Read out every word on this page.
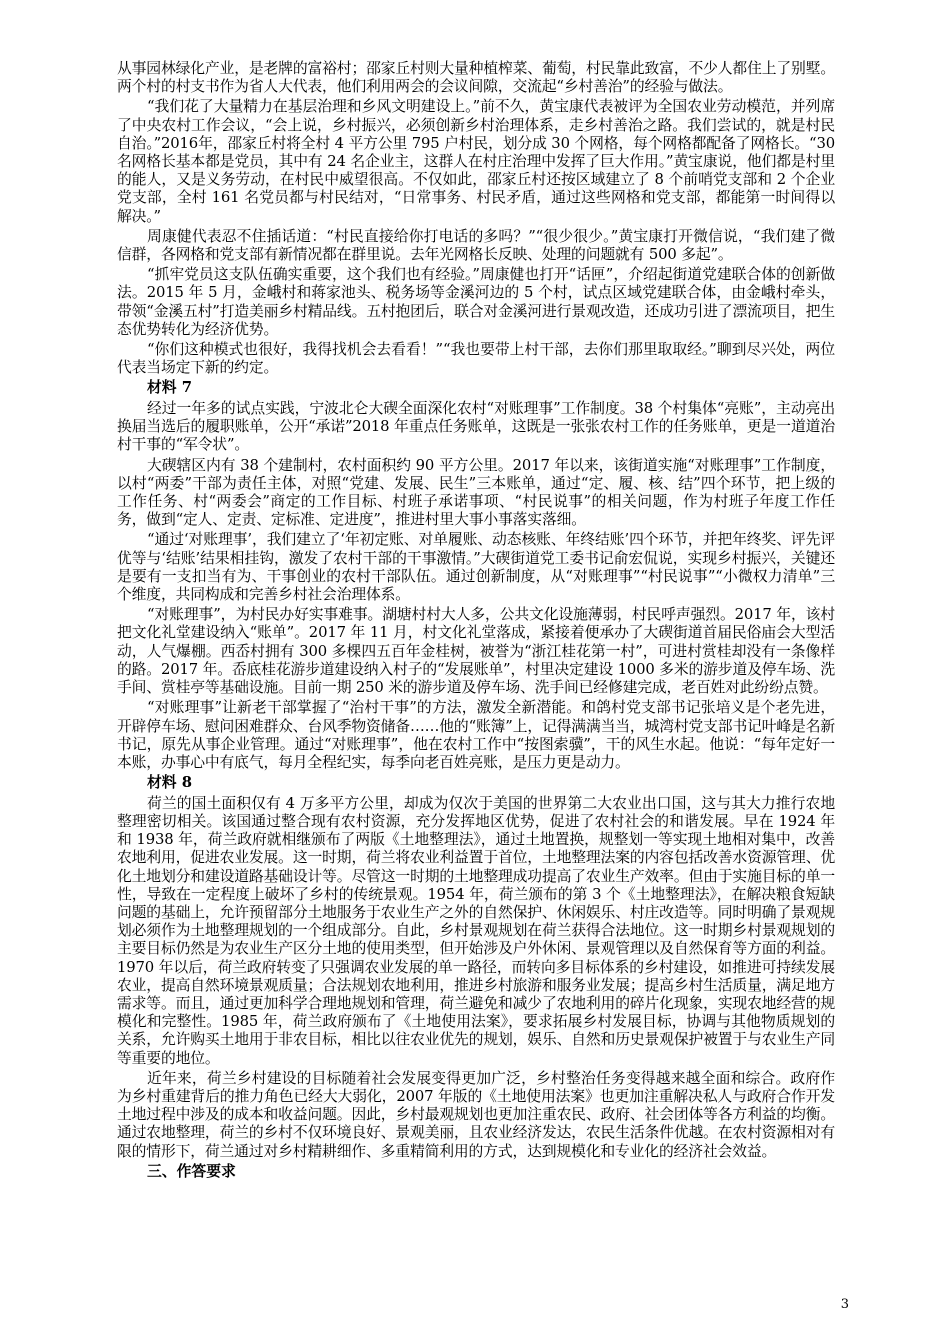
从事园林绿化产业，是老牌的富裕村；邵家丘村则大量种植榨菜、葡萄，村民靠此致富，不少人都住上了别墅。两个村的村支书作为省人大代表，他们利用两会的会议间隙，交流起“乡村善治”的经验与做法。

“我们花了大量精力在基层治理和乡风文明建设上。”前不久，黄宝康代表被评为全国农业劳动模范，并列席了中央农村工作会议，“会上说，乡村振兴，必须创新乡村治理体系，走乡村善治之路。我们尝试的，就是村民自治。”2016年，邵家丘村将全村 4 平方公里 795 户村民，划分成 30 个网格，每个网格都配备了网格长。“30 名网格长基本都是党员，其中有 24 名企业主，这群人在村庄治理中发挥了巨大作用。”黄宝康说，他们都是村里的能人，又是义务劳动，在村民中威望很高。不仅如此，邵家丘村还按区域建立了 8 个前哨党支部和 2 个企业党支部，全村 161 名党员都与村民结对，“日常事务、村民矛盾，通过这些网格和党支部，都能第一时间得以解决。”

周康健代表忍不住插话道：“村民直接给你打电话的多吗？”“很少很少。”黄宝康打开微信说，“我们建了微信群，各网格和党支部有新情况都在群里说。去年光网格长反映、处理的问题就有 500 多起”。

“抓牢党员这支队伍确实重要，这个我们也有经验。”周康健也打开“话匣”，介绍起街道党建联合体的创新做法。2015 年 5 月，金峨村和蒋家池头、税务场等金溪河边的 5 个村，试点区域党建联合体，由金峨村牵头，带领“金溪五村”打造美丽乡村精品线。五村抱团后，联合对金溪河进行景观改造，还成功引进了漂流项目，把生态优势转化为经济优势。

“你们这种模式也很好，我得找机会去看看！”“我也要带上村干部，去你们那里取取经。”聊到尽兴处，两位代表当场定下新的约定。

材料 7

经过一年多的试点实践，宁波北仑大碶全面深化农村“对账理事”工作制度。38 个村集体“亮账”，主动亮出换届当选后的履职账单，公开“承诺”2018 年重点任务账单，这既是一张张农村工作的任务账单，更是一道道治村干事的“军令状”。

大碶辖区内有 38 个建制村，农村面积约 90 平方公里。2017 年以来，该街道实施“对账理事”工作制度，以村“两委”干部为责任主体，对照“党建、发展、民生”三本账单，通过“定、履、核、结”四个环节，把上级的工作任务、村“两委会”商定的工作目标、村班子承诺事项、“村民说事”的相关问题，作为村班子年度工作任务，做到“定人、定责、定标准、定进度”，推进村里大事小事落实落细。

“通过‘对账理事’，我们建立了‘年初定账、对单履账、动态核账、年终结账’四个环节，并把年终奖、评先评优等与‘结账’结果相挂钩，激发了农村干部的干事激情。”大碶街道党工委书记俞宏侃说，实现乡村振兴，关键还是要有一支扣当有为、干事创业的农村干部队伍。通过创新制度，从“对账理事”“村民说事”“小微权力清单”三个维度，共同构成和完善乡村社会治理体系。

“对账理事”，为村民办好实事难事。湖塘村村大人多，公共文化设施薄弱，村民呼声强烈。2017 年，该村把文化礼堂建设纳入“账单”。2017 年 11 月，村文化礼堂落成，紧接着便承办了大碶街道首届民俗庙会大型活动，人气爆棚。西岙村拥有 300 多棵四五百年金桂树，被誉为“浙江桂花第一村”，可进村赏桂却没有一条像样的路。2017 年。岙底桂花游步道建设纳入村子的“发展账单”，村里决定建设 1000 多米的游步道及停车场、洗手间、赏桂亭等基础设施。目前一期 250 米的游步道及停车场、洗手间已经修建完成，老百姓对此纷纷点赞。

“对账理事”让新老干部掌握了“治村干事”的方法，激发全新潜能。和鸽村党支部书记张培义是个老先进，开辟停车场、慰问困难群众、台风季物资储备……他的“账簿”上，记得满满当当，城湾村党支部书记叶峰是名新书记，原先从事企业管理。通过“对账理事”，他在农村工作中“按图索骥”，干的风生水起。他说：“每年定好一本账，办事心中有底气，每月全程纪实，每季向老百姓亮账，是压力更是动力。

材料 8

荷兰的国土面积仅有 4 万多平方公里，却成为仅次于美国的世界第二大农业出口国，这与其大力推行农地整理密切相关。该国通过整合现有农村资源，充分发挥地区优势，促进了农村社会的和谐发展。早在 1924 年和 1938 年，荷兰政府就相继颁布了两版《土地整理法》，通过土地置换，规整划一等实现土地相对集中，改善农地利用，促进农业发展。这一时期，荷兰将农业利益置于首位，土地整理法案的内容包括改善水资源管理、优化土地划分和建设道路基础设计等。尽管这一时期的土地整理成功提高了农业生产效率。但由于实施目标的单一性，导致在一定程度上破坏了乡村的传统景观。1954 年，荷兰颁布的第 3 个《土地整理法》，在解决粮食短缺问题的基础上，允许预留部分土地服务于农业生产之外的自然保护、休闲娱乐、村庄改造等。同时明确了景观规划必须作为土地整理规划的一个组成部分。自此，乡村景观规划在荷兰获得合法地位。这一时期乡村景观规划的主要目标仍然是为农业生产区分土地的使用类型，但开始涉及户外休闲、景观管理以及自然保育等方面的利益。1970 年以后，荷兰政府转变了只强调农业发展的单一路径，而转向多目标体系的乡村建设，如推进可持续发展农业，提高自然环境景观质量；合法规划农地利用，推进乡村旅游和服务业发展；提高乡村生活质量，满足地方需求等。而且，通过更加科学合理地规划和管理，荷兰避免和减少了农地利用的碎片化现象，实现农地经营的规模化和完整性。1985 年，荷兰政府颁布了《土地使用法案》，要求拓展乡村发展目标，协调与其他物质规划的关系，允许购买土地用于非农目标，相比以往农业优先的规划，娱乐、自然和历史景观保护被置于与农业生产同等重要的地位。

近年来，荷兰乡村建设的目标随着社会发展变得更加广泛，乡村整治任务变得越来越全面和综合。政府作为乡村重建背后的推力角色已经大大弱化，2007 年版的《土地使用法案》也更加注重解决私人与政府合作开发土地过程中涉及的成本和收益问题。因此，乡村最观规划也更加注重农民、政府、社会团体等各方利益的均衡。通过农地整理，荷兰的乡村不仅环境良好、景观美丽，且农业经济发达，农民生活条件优越。在农村资源相对有限的情形下，荷兰通过对乡村精耕细作、多重精简利用的方式，达到规模化和专业化的经济社会效益。

三、作答要求
3
